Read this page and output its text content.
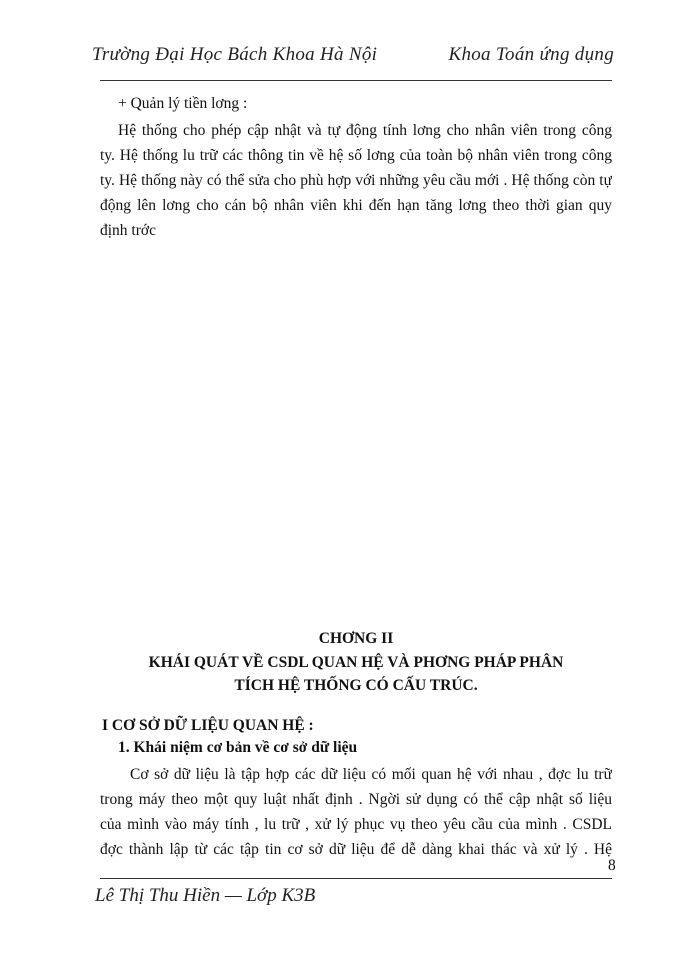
Trường Đại Học Bách Khoa Hà Nội	Khoa Toán ứng dụng
+ Quản lý tiền lơng :
Hệ thống cho phép cập nhật và tự động tính lơng cho nhân viên trong công
ty. Hệ thống lu trữ các thông tin về hệ số lơng của toàn bộ nhân viên trong công
ty. Hệ thống này có thể sửa cho phù hợp với những yêu cầu mới . Hệ thống còn tự
động lên lơng cho cán bộ nhân viên khi đến hạn tăng lơng theo thời gian quy
định trớc
CHƠNG II
KHÁI QUÁT VỀ CSDL QUAN HỆ VÀ PHƠNG PHÁP PHÂN
TÍCH HỆ THỐNG CÓ CẤU TRÚC.
I CƠ SỞ DỮ LIỆU QUAN HỆ :
1. Khái niệm cơ bản về cơ sở dữ liệu
Cơ sở dữ liệu là tập hợp các dữ liệu có mối quan hệ với nhau , đợc lu trữ
trong máy theo một quy luật nhất định . Ngời sử dụng có thể cập nhật số liệu
của mình vào máy tính , lu trữ , xử lý phục vụ theo yêu cầu của mình . CSDL
đợc thành lập từ các tập tin cơ sở dữ liệu để dễ dàng khai thác và xử lý . Hệ
8
Lê Thị Thu Hiền — Lớp K3B
